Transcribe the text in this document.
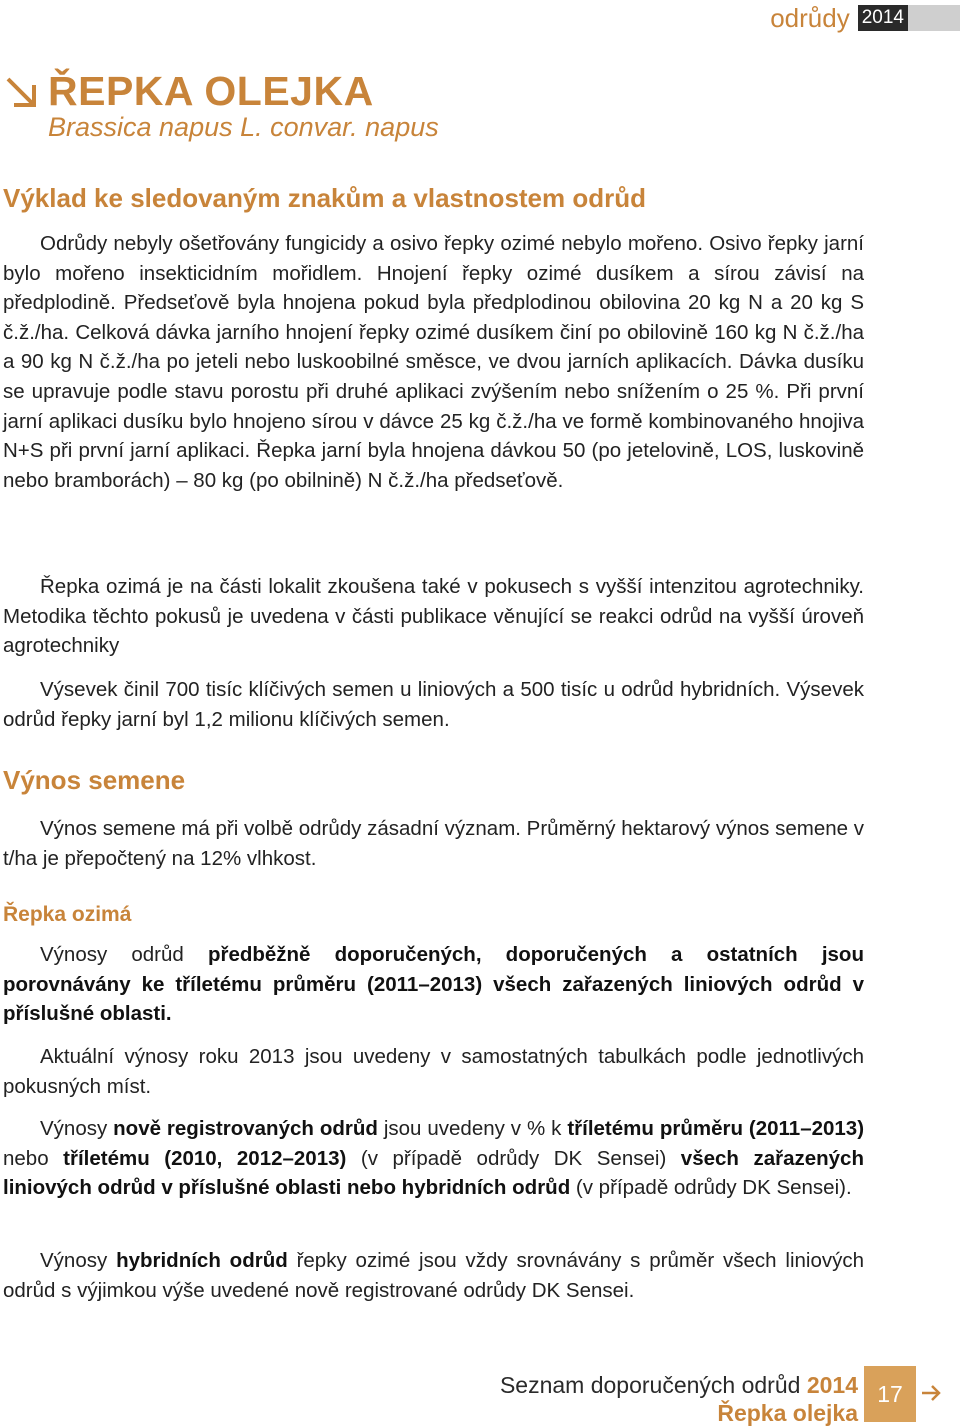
odrůdy 2014
ŘEPKA OLEJKA
Brassica napus L. convar. napus
Výklad ke sledovaným znakům a vlastnostem odrůd
Odrůdy nebyly ošetřovány fungicidy a osivo řepky ozimé nebylo mořeno. Osivo řepky jarní bylo mořeno insekticidním mořidlem. Hnojení řepky ozimé dusíkem a sírou závisí na předplodině. Předseťově byla hnojena pokud byla předplodinou obilovina 20 kg N a 20 kg S č.ž./ha. Celková dávka jarního hnojení řepky ozimé dusíkem činí po obilovině 160 kg N č.ž./ha a 90 kg N č.ž./ha po jeteli nebo luskoobilné směsce, ve dvou jarních aplikacích. Dávka dusíku se upravuje podle stavu porostu při druhé aplikaci zvýšením nebo snížením o 25 %. Při první jarní aplikaci dusíku bylo hnojeno sírou v dávce 25 kg č.ž./ha ve formě kombinovaného hnojiva N+S při první jarní aplikaci. Řepka jarní byla hnojena dávkou 50 (po jetelovině, LOS, luskovině nebo bramborách) – 80 kg (po obilnině) N č.ž./ha předseťově.
Řepka ozimá je na části lokalit zkoušena také v pokusech s vyšší intenzitou agrotechniky. Metodika těchto pokusů je uvedena v části publikace věnující se reakci odrůd na vyšší úroveň agrotechniky
Výsevek činil 700 tisíc klíčivých semen u liniových a 500 tisíc u odrůd hybridních. Výsevek odrůd řepky jarní byl 1,2 milionu klíčivých semen.
Výnos semene
Výnos semene má při volbě odrůdy zásadní význam. Průměrný hektarový výnos semene v t/ha je přepočtený na 12% vlhkost.
Řepka ozimá
Výnosy odrůd předběžně doporučených, doporučených a ostatních jsou porovnávány ke tříletému průměru (2011–2013) všech zařazených liniových odrůd v příslušné oblasti.
Aktuální výnosy roku 2013 jsou uvedeny v samostatných tabulkách podle jednotlivých pokusných míst.
Výnosy nově registrovaných odrůd jsou uvedeny v % k tříletému průměru (2011–2013) nebo tříletému (2010, 2012–2013) (v případě odrůdy DK Sensei) všech zařazených liniových odrůd v příslušné oblasti nebo hybridních odrůd (v případě odrůdy DK Sensei).
Výnosy hybridních odrůd řepky ozimé jsou vždy srovnávány s průměr všech liniových odrůd s výjimkou výše uvedené nově registrované odrůdy DK Sensei.
Seznam doporučených odrůd 2014
Řepka olejka
17
